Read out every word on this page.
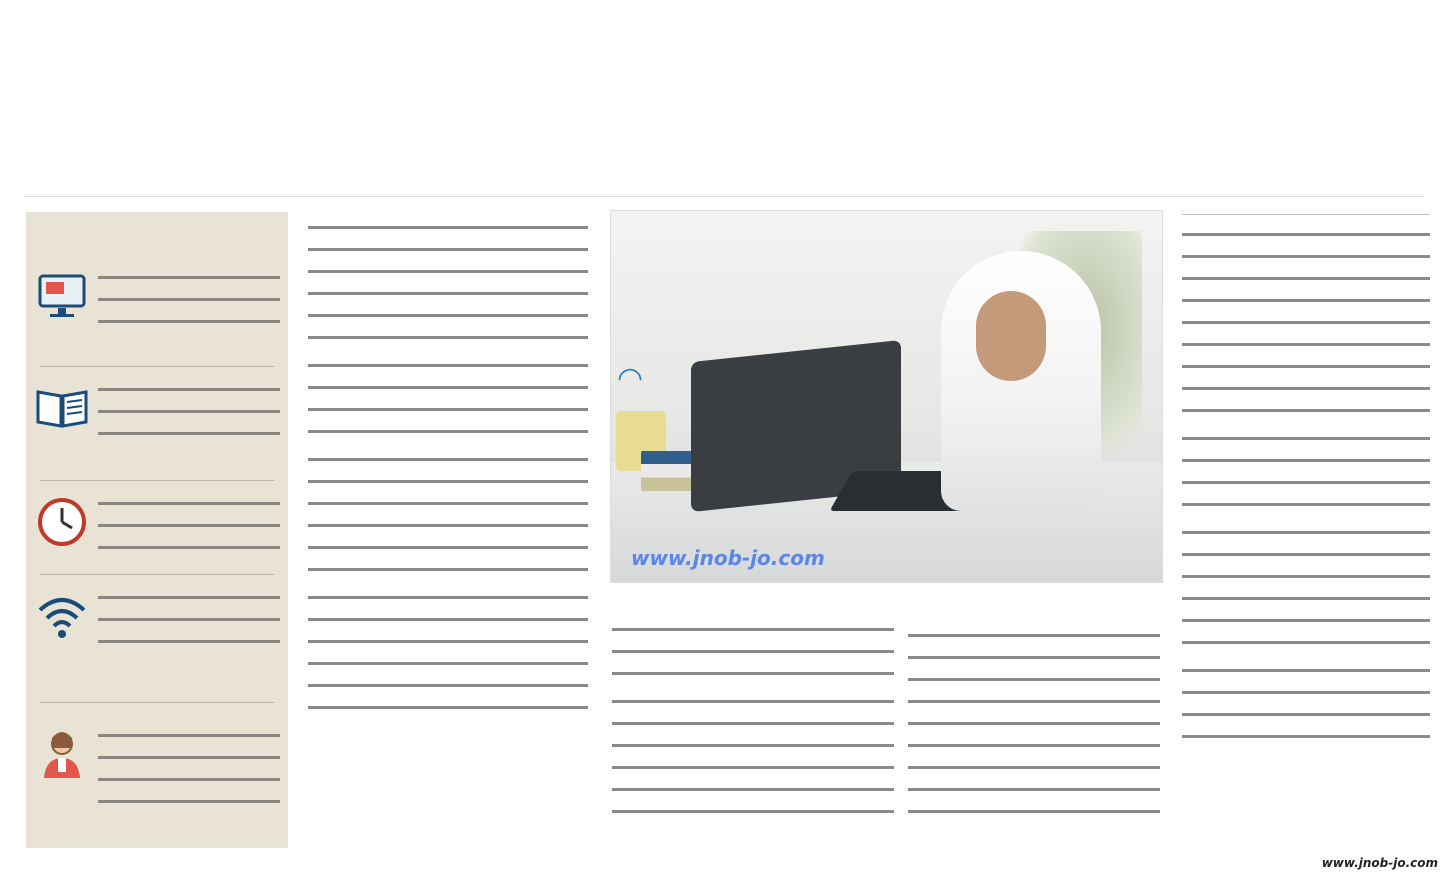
◠
www.jnob-jo.com
www.jnob-jo.com
